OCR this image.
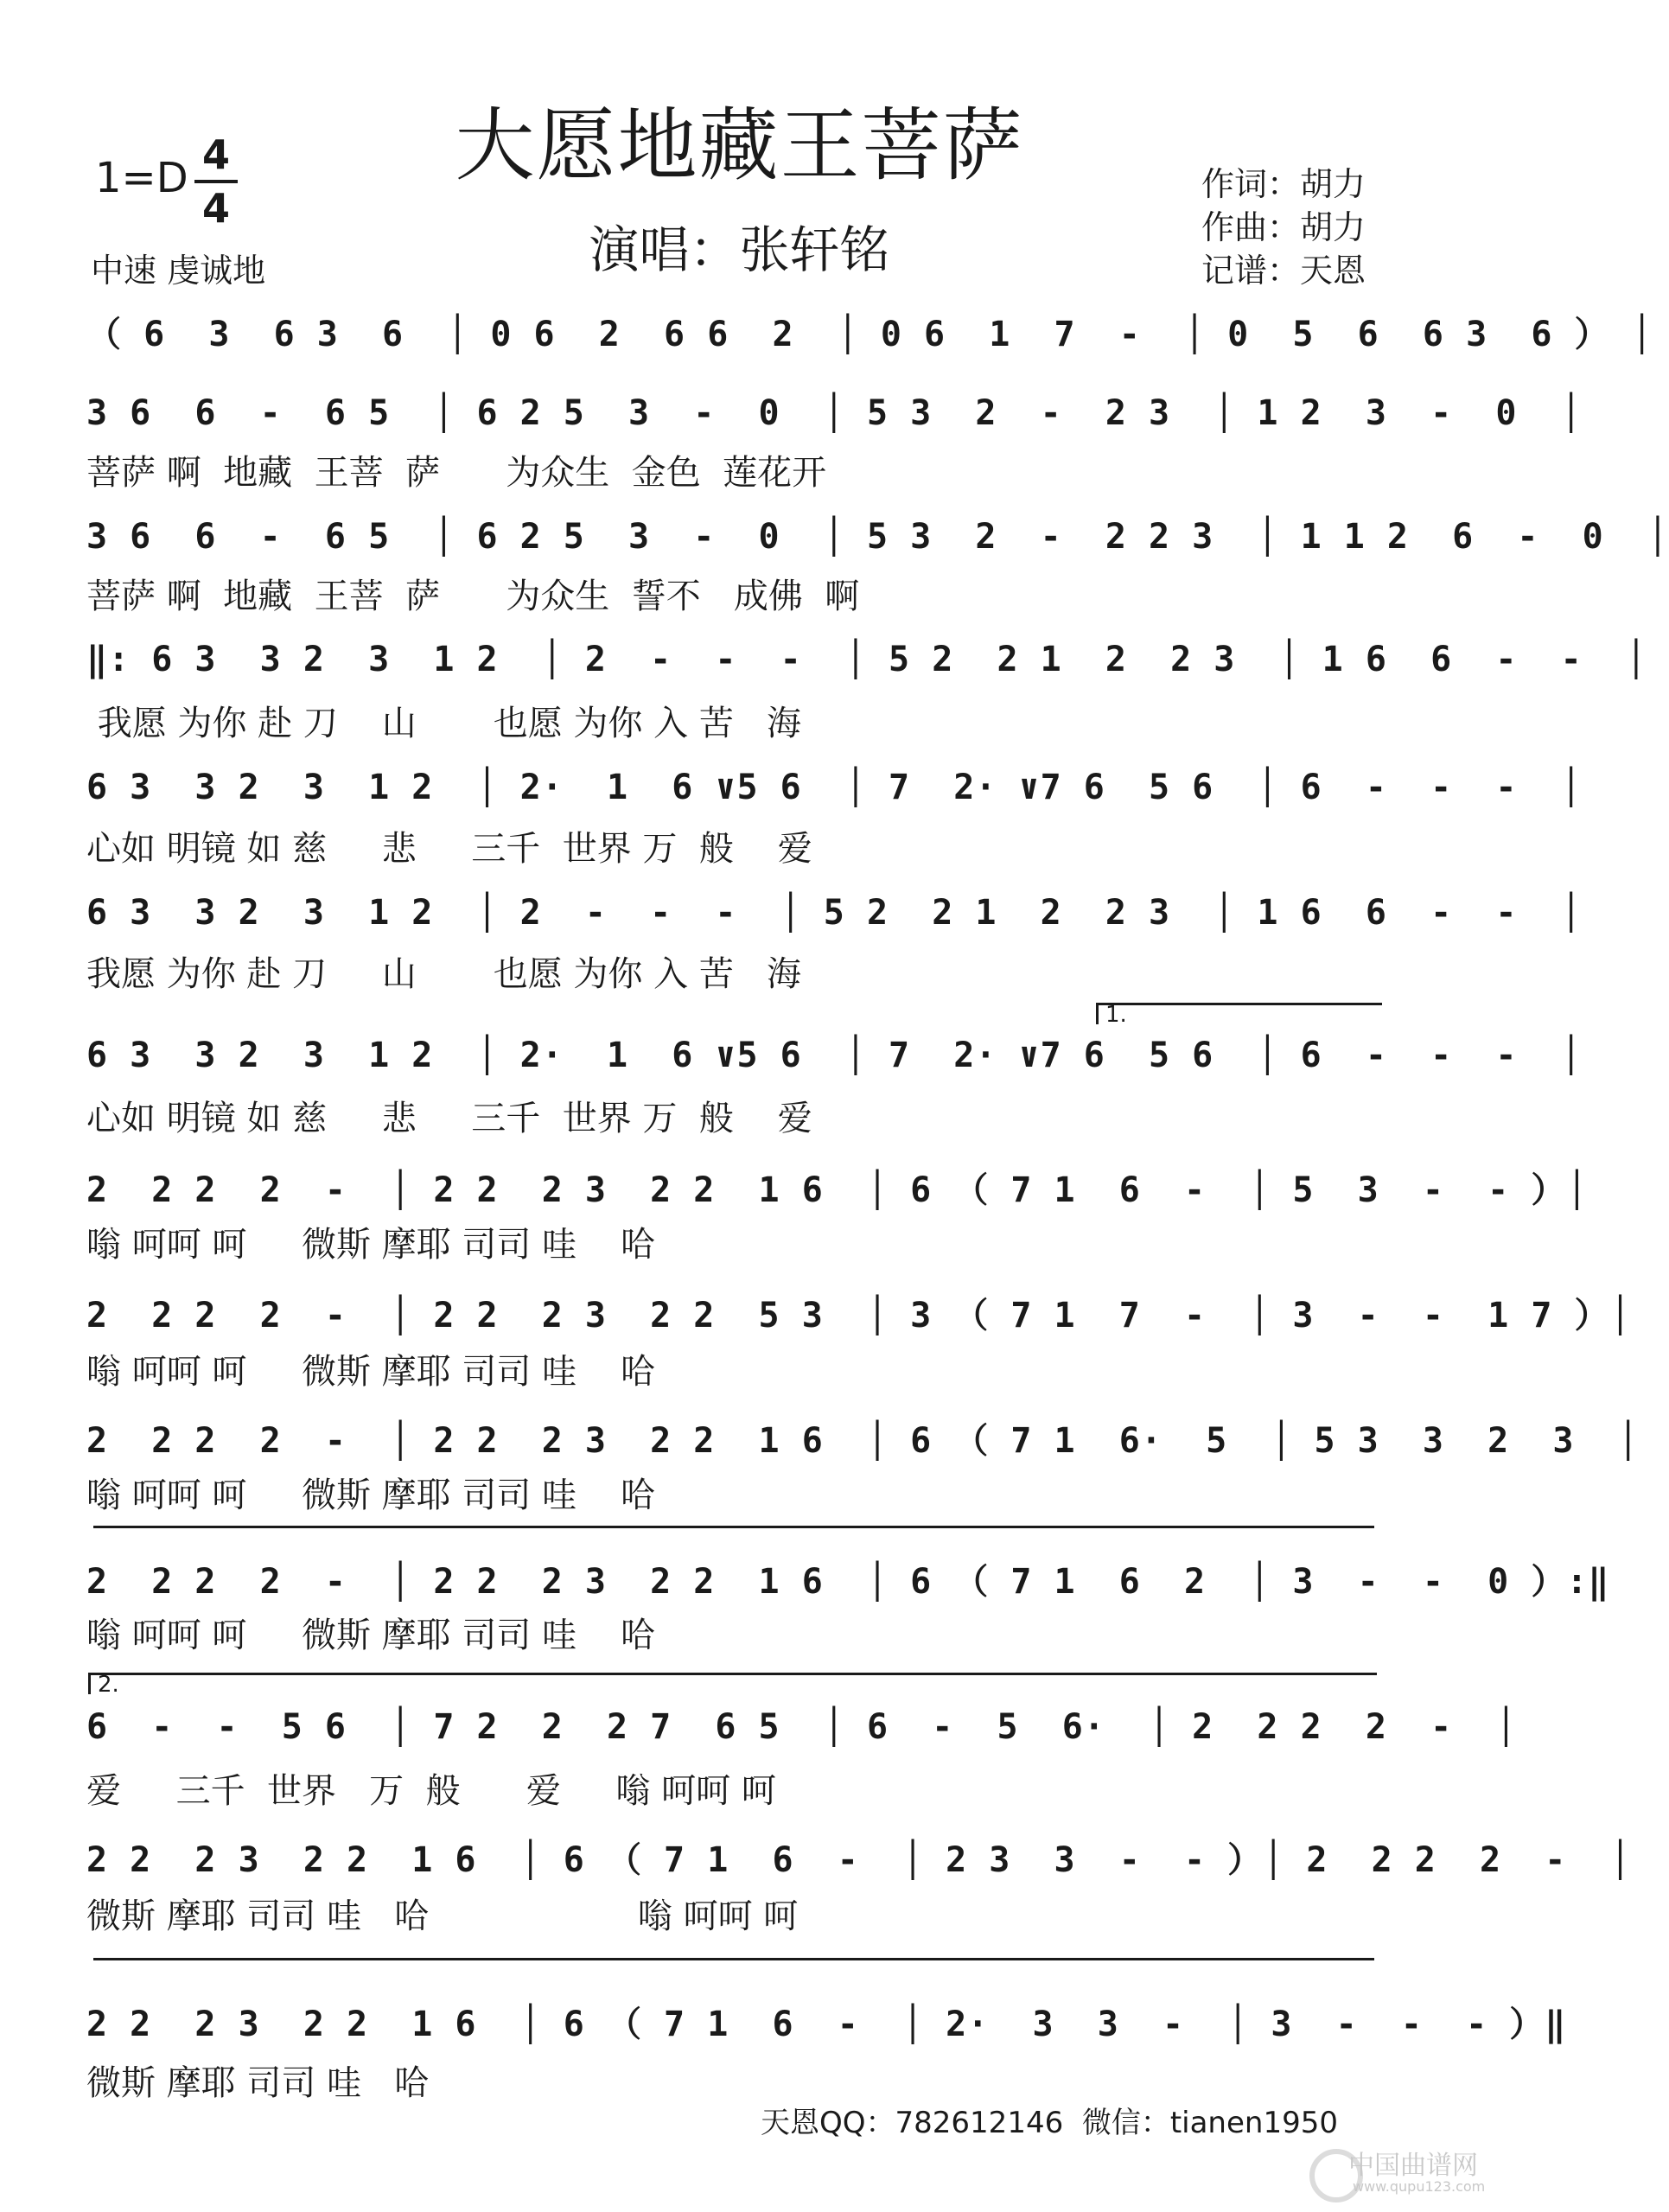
大愿地藏王菩萨
演唱：张轩铭
$1=D \frac{4}{4}$
中速 虔诚地
作词：胡力
作曲：胡力
记谱：天恩
（ 6  3  6 3  6  │ 0 6  2  6 6  2  │ 0 6  1  7  -  │ 0  5  6  6 3  6 ） │
3 6  6  -  6 5  │ 6 2 5  3  -  0  │ 5 3  2  -  2 3  │ 1 2  3  -  0  │
菩萨 啊  地藏  王菩  萨      为众生  金色  莲花开
3 6  6  -  6 5  │ 6 2 5  3  -  0  │ 5 3  2  -  2 2 3  │ 1 1 2  6  -  0  │
菩萨 啊  地藏  王菩  萨      为众生  誓不   成佛  啊
‖: 6 3  3 2  3  1 2  │ 2  -  -  -  │ 5 2  2 1  2  2 3  │ 1 6  6  -  -  │
我愿 为你 赴 刀    山       也愿 为你 入 苦   海
6 3  3 2  3  1 2  │ 2·  1  6 ∨5 6  │ 7  2· ∨7 6  5 6  │ 6  -  -  -  │
心如 明镜 如 慈     悲     三千  世界 万  般    爱
6 3  3 2  3  1 2  │ 2  -  -  -  │ 5 2  2 1  2  2 3  │ 1 6  6  -  -  │
我愿 为你 赴 刀     山       也愿 为你 入 苦   海
1.
6 3  3 2  3  1 2  │ 2·  1  6 ∨5 6  │ 7  2· ∨7 6  5 6  │ 6  -  -  -  │
心如 明镜 如 慈     悲     三千  世界 万  般    爱
2  2 2  2  -  │ 2 2  2 3  2 2  1 6  │ 6 （ 7 1  6  -  │ 5  3  -  - ）│
嗡 呵呵 呵     微斯 摩耶 司司 哇    哈
2  2 2  2  -  │ 2 2  2 3  2 2  5 3  │ 3 （ 7 1  7  -  │ 3  -  -  1 7 ）│
嗡 呵呵 呵     微斯 摩耶 司司 哇    哈
2  2 2  2  -  │ 2 2  2 3  2 2  1 6  │ 6 （ 7 1  6·  5  │ 5 3  3  2  3  │
嗡 呵呵 呵     微斯 摩耶 司司 哇    哈
2  2 2  2  -  │ 2 2  2 3  2 2  1 6  │ 6 （ 7 1  6  2  │ 3  -  -  0 ）:‖
嗡 呵呵 呵     微斯 摩耶 司司 哇    哈
2.
6  -  -  5 6  │ 7 2  2  2 7  6 5  │ 6  -  5  6·  │ 2  2 2  2  -  │
爱     三千  世界   万  般      爱     嗡 呵呵 呵
2 2  2 3  2 2  1 6  │ 6 （ 7 1  6  -  │ 2 3  3  -  - ）│ 2  2 2  2  -  │
微斯 摩耶 司司 哇   哈                   嗡 呵呵 呵
2 2  2 3  2 2  1 6  │ 6 （ 7 1  6  -  │ 2·  3  3  -  │ 3  -  -  - ）‖
微斯 摩耶 司司 哇   哈
天恩QQ：782612146  微信：tianen1950
中国曲谱网
www.qupu123.com
